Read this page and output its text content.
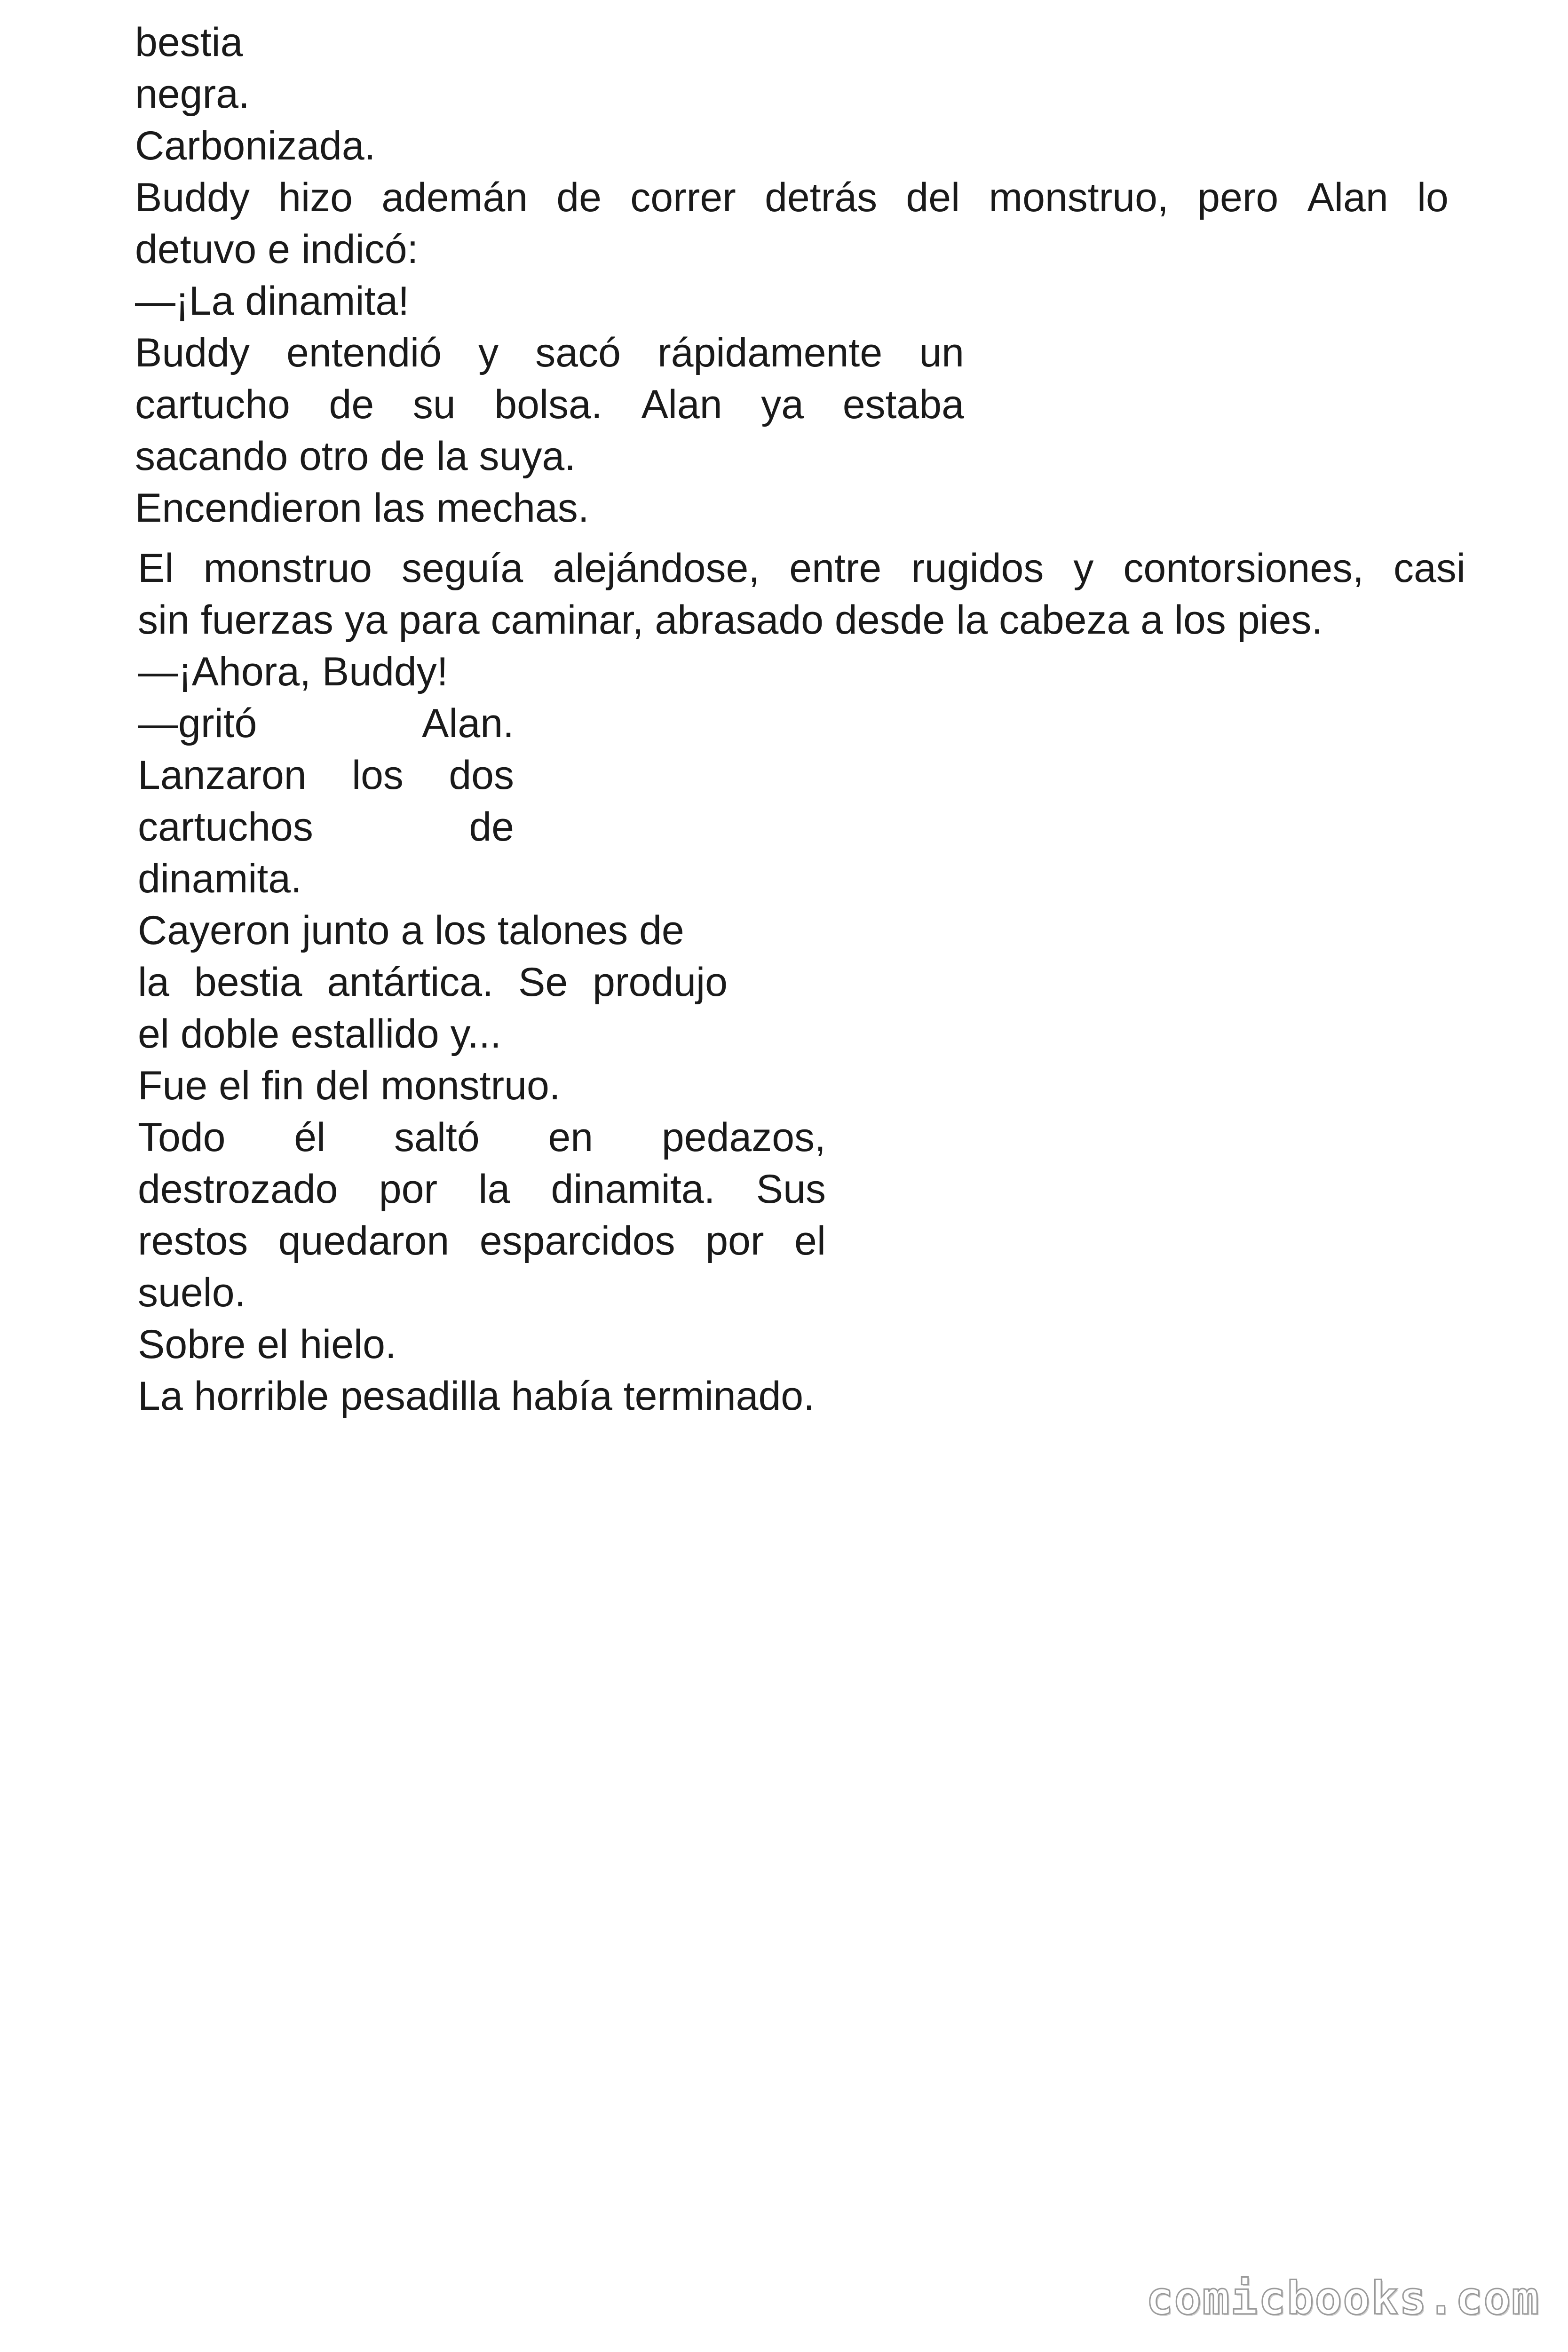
bestia
negra.
Carbonizada.
Buddy hizo ademán de correr detrás del monstruo, pero Alan lo
detuvo e indicó:
—¡La dinamita!
Buddy entendió y sacó rápidamente un
cartucho de su bolsa. Alan ya estaba
sacando otro de la suya.
Encendieron las mechas.
El monstruo seguía alejándose, entre rugidos y contorsiones, casi
sin fuerzas ya para caminar, abrasado desde la cabeza a los pies.
—¡Ahora, Buddy!
—gritó	Alan.
Lanzaron los dos
cartuchos	de
dinamita.
Cayeron junto a los talones de
la bestia antártica. Se produjo
el doble estallido y...
Fue el fin del monstruo.
Todo él saltó en pedazos,
destrozado por la dinamita. Sus
restos quedaron esparcidos por el
suelo.
Sobre el hielo.
La horrible pesadilla había terminado.
comicbooks.com
